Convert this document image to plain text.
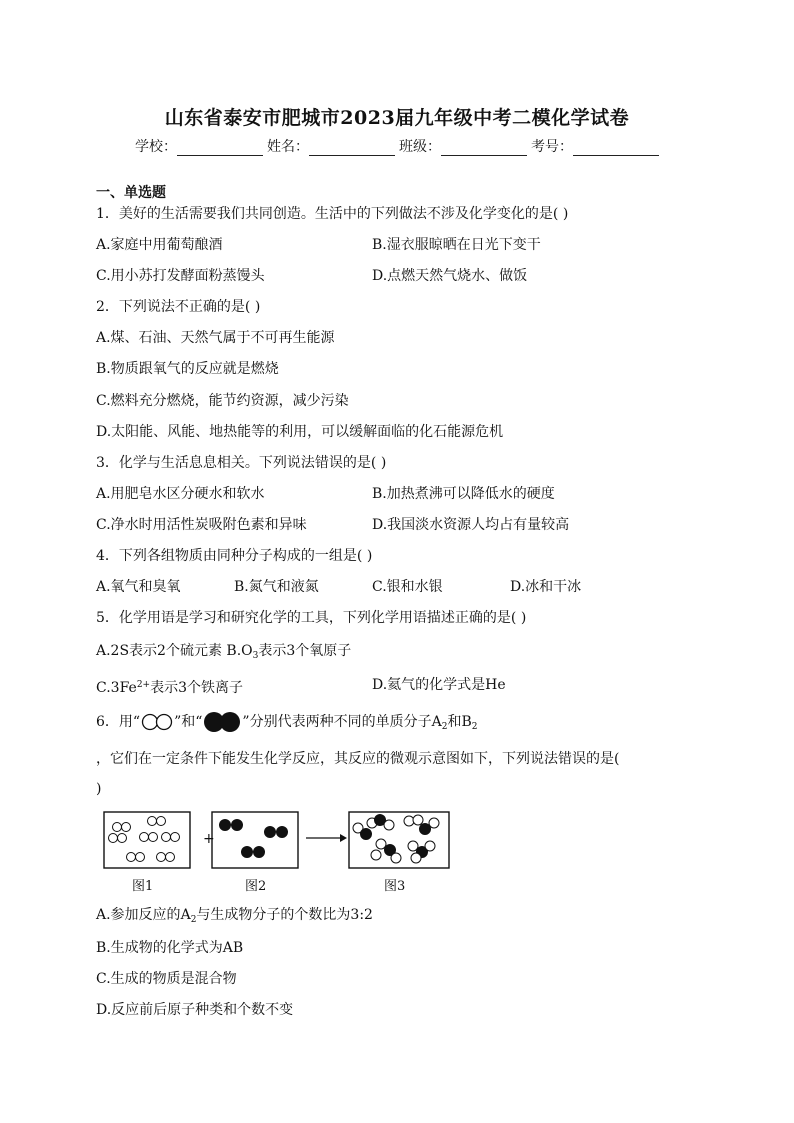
山东省泰安市肥城市2023届九年级中考二模化学试卷
学校：	姓名：	班级：	考号：
一、单选题
1．美好的生活需要我们共同创造。生活中的下列做法不涉及化学变化的是( )
A.家庭中用葡萄酿酒	B.湿衣服晾晒在日光下变干
C.用小苏打发酵面粉蒸馒头	D.点燃天然气烧水、做饭
2．下列说法不正确的是( )
A.煤、石油、天然气属于不可再生能源
B.物质跟氧气的反应就是燃烧
C.燃料充分燃烧，能节约资源，减少污染
D.太阳能、风能、地热能等的利用，可以缓解面临的化石能源危机
3．化学与生活息息相关。下列说法错误的是( )
A.用肥皂水区分硬水和软水	B.加热煮沸可以降低水的硬度
C.净水时用活性炭吸附色素和异味	D.我国淡水资源人均占有量较高
4．下列各组物质由同种分子构成的一组是( )
A.氧气和臭氧	B.氮气和液氮	C.银和水银	D.冰和干冰
5．化学用语是学习和研究化学的工具，下列化学用语描述正确的是( )
A.2S表示2个硫元素 $B.O_3$表示3个氧原子
$C.3Fe^{2+}$表示3个铁离子	D.氦气的化学式是He
6．用“ ”和“	”分别代表两种不同的单质分子$A_2$和$B_2$
，它们在一定条件下能发生化学反应，其反应的微观示意图如下，下列说法错误的是(
)
+
图1	图2	图3
A.参加反应的$A_2$与生成物分子的个数比为3:2
B.生成物的化学式为AB
C.生成的物质是混合物
D.反应前后原子种类和个数不变
